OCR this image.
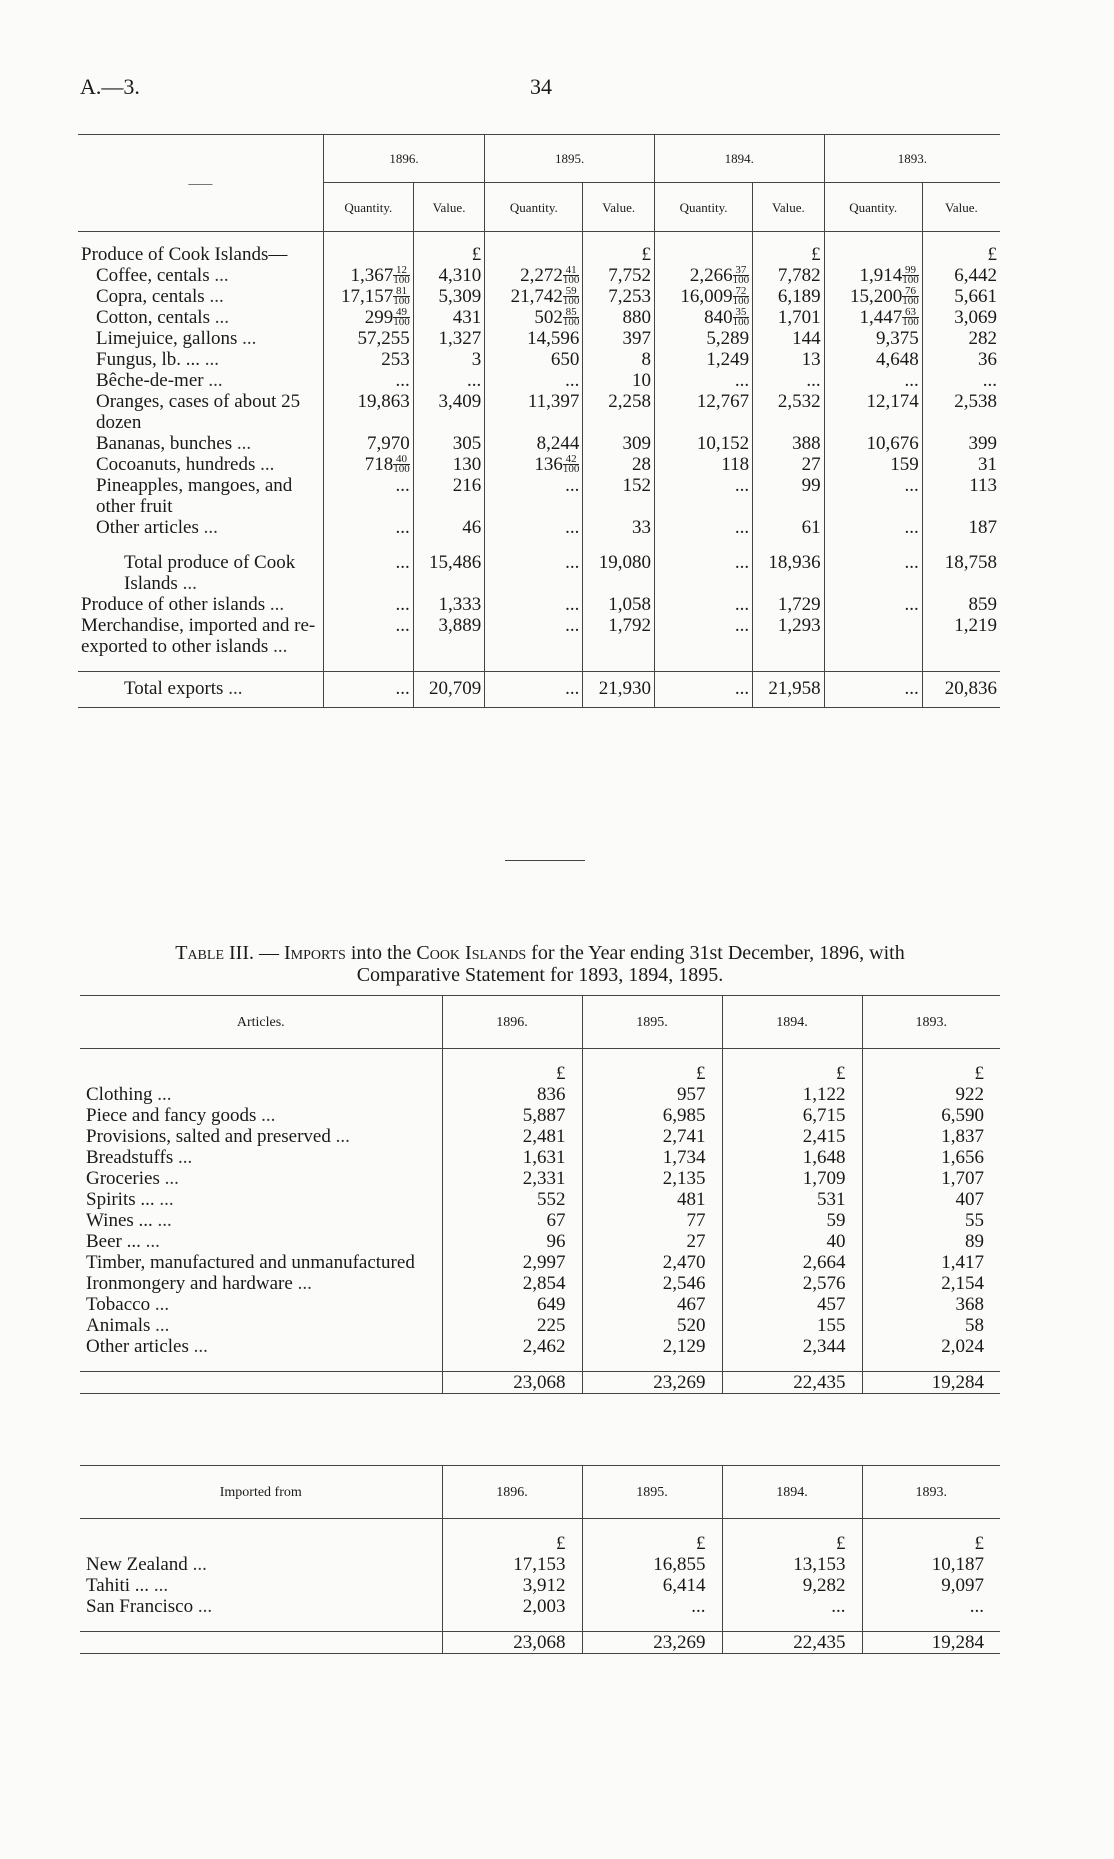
A.—3.	34
——	1896.		1895.		1894.		1893.	
	Quantity.	Value.	Quantity.	Value.	Quantity.	Value.	Quantity.	Value.

Produce of Cook Islands—		£		£		£		£
Coffee, centals ...	$1,367 \frac{12}{100}$	4,310	$2,272 \frac{41}{100}$	7,752	$2,266 \frac{37}{100}$	7,782	$1,914 \frac{99}{100}$	6,442
Copra, centals ...	$17,157 \frac{81}{100}$	5,309	$21,742 \frac{59}{100}$	7,253	$16,009 \frac{72}{100}$	6,189	$15,200 \frac{76}{100}$	5,661
Cotton, centals ...	$299 \frac{49}{100}$	431	$502 \frac{85}{100}$	880	$840 \frac{35}{100}$	1,701	$1,447 \frac{63}{100}$	3,069
Limejuice, gallons ...	57,255	1,327	14,596	397	5,289	144	9,375	282
Fungus, lb. ... ...	253	3	650	8	1,249	13	4,648	36
Bêche-de-mer ...	...	...	...	10	...	...	...	...
Oranges, cases of about 25 dozen	19,863	3,409	11,397	2,258	12,767	2,532	12,174	2,538
Bananas, bunches ...	7,970	305	8,244	309	10,152	388	10,676	399
Cocoanuts, hundreds ...	$718 \frac{40}{100}$	130	$136 \frac{42}{100}$	28	118	27	159	31
Pineapples, mangoes, and other fruit	...	216	...	152	...	99	...	113
Other articles ...	...	46	...	33	...	61	...	187

Total produce of Cook Islands ...	...	15,486	...	19,080	...	18,936	...	18,758
Produce of other islands ...	...	1,333	...	1,058	...	1,729	...	859
Merchandise, imported and re-exported to other islands ...	...	3,889	...	1,792	...	1,293		1,219

Total exports ...	...	20,709	...	21,930	...	21,958	...	20,836
Table III. — Imports into the Cook Islands for the Year ending 31st December, 1896, with
Comparative Statement for 1893, 1894, 1895.
Articles.	1896.	1895.	1894.	1893.

	£	£	£	£
Clothing ...	836	957	1,122	922
Piece and fancy goods ...	5,887	6,985	6,715	6,590
Provisions, salted and preserved ...	2,481	2,741	2,415	1,837
Breadstuffs ...	1,631	1,734	1,648	1,656
Groceries ...	2,331	2,135	1,709	1,707
Spirits ... ...	552	481	531	407
Wines ... ...	67	77	59	55
Beer ... ...	96	27	40	89
Timber, manufactured and unmanufactured	2,997	2,470	2,664	1,417
Ironmongery and hardware ...	2,854	2,546	2,576	2,154
Tobacco ...	649	467	457	368
Animals ...	225	520	155	58
Other articles ...	2,462	2,129	2,344	2,024

	23,068	23,269	22,435	19,284
Imported from	1896.	1895.	1894.	1893.

	£	£	£	£
New Zealand ...	17,153	16,855	13,153	10,187
Tahiti ... ...	3,912	6,414	9,282	9,097
San Francisco ...	2,003	...	...	...

	23,068	23,269	22,435	19,284
